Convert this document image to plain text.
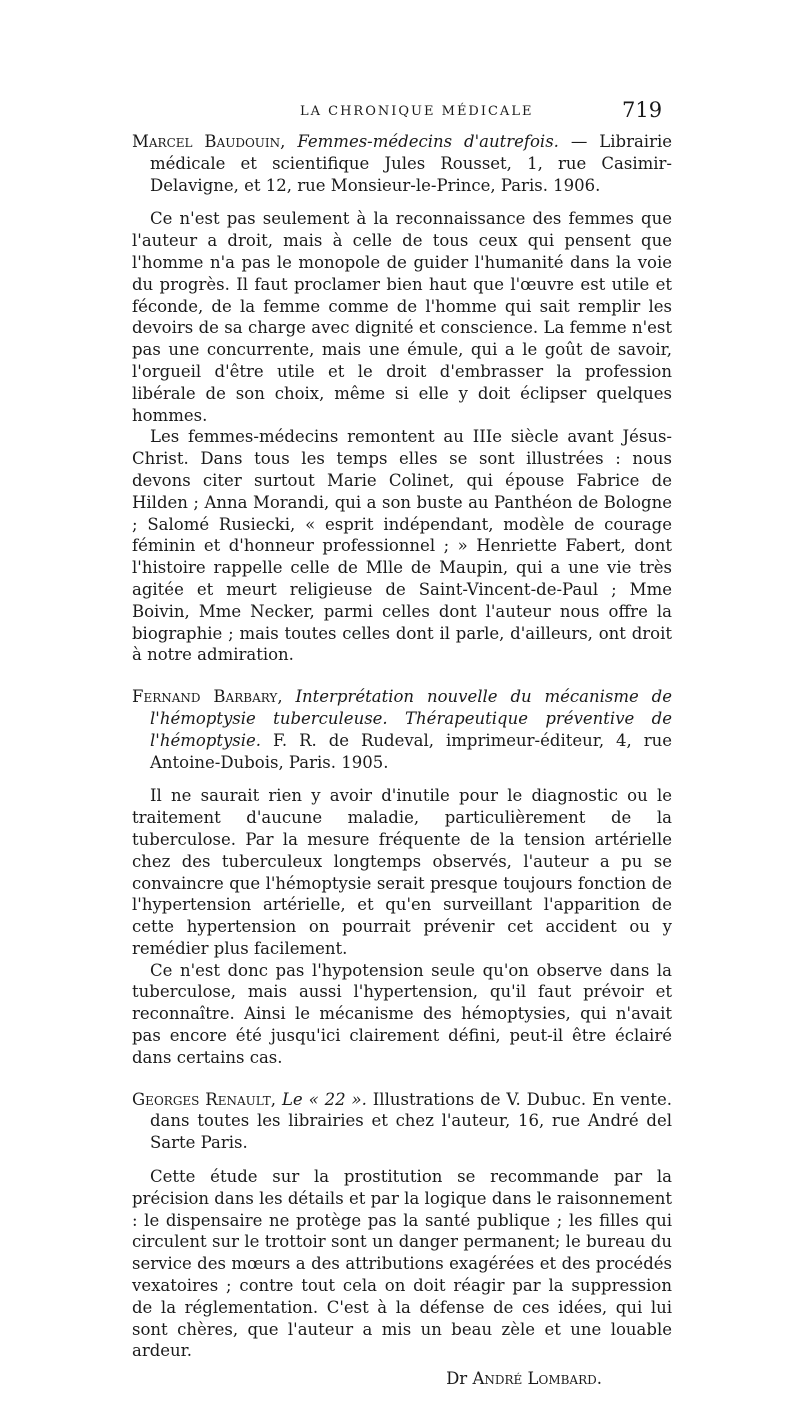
LA CHRONIQUE MÉDICALE	719

Marcel Baudouin, Femmes-médecins d'autrefois. — Librairie médicale et scientifique Jules Rousset, 1, rue Casimir-Delavigne, et 12, rue Monsieur-le-Prince, Paris. 1906.

Ce n'est pas seulement à la reconnaissance des femmes que l'auteur a droit, mais à celle de tous ceux qui pensent que l'homme n'a pas le monopole de guider l'humanité dans la voie du progrès. Il faut proclamer bien haut que l'œuvre est utile et féconde, de la femme comme de l'homme qui sait remplir les devoirs de sa charge avec dignité et conscience. La femme n'est pas une concurrente, mais une émule, qui a le goût de savoir, l'orgueil d'être utile et le droit d'embrasser la profession libérale de son choix, même si elle y doit éclipser quelques hommes.

Les femmes-médecins remontent au IIIe siècle avant Jésus-Christ. Dans tous les temps elles se sont illustrées : nous devons citer surtout Marie Colinet, qui épouse Fabrice de Hilden ; Anna Morandi, qui a son buste au Panthéon de Bologne ; Salomé Rusiecki, « esprit indépendant, modèle de courage féminin et d'honneur professionnel ; » Henriette Fabert, dont l'histoire rappelle celle de Mlle de Maupin, qui a une vie très agitée et meurt religieuse de Saint-Vincent-de-Paul ; Mme Boivin, Mme Necker, parmi celles dont l'auteur nous offre la biographie ; mais toutes celles dont il parle, d'ailleurs, ont droit à notre admiration.

Fernand Barbary, Interprétation nouvelle du mécanisme de l'hémoptysie tuberculeuse. Thérapeutique préventive de l'hémoptysie. F. R. de Rudeval, imprimeur-éditeur, 4, rue Antoine-Dubois, Paris. 1905.

Il ne saurait rien y avoir d'inutile pour le diagnostic ou le traitement d'aucune maladie, particulièrement de la tuberculose. Par la mesure fréquente de la tension artérielle chez des tuberculeux longtemps observés, l'auteur a pu se convaincre que l'hémoptysie serait presque toujours fonction de l'hypertension artérielle, et qu'en surveillant l'apparition de cette hypertension on pourrait prévenir cet accident ou y remédier plus facilement.

Ce n'est donc pas l'hypotension seule qu'on observe dans la tuberculose, mais aussi l'hypertension, qu'il faut prévoir et reconnaître. Ainsi le mécanisme des hémoptysies, qui n'avait pas encore été jusqu'ici clairement défini, peut-il être éclairé dans certains cas.

Georges Renault, Le « 22 ». Illustrations de V. Dubuc. En vente. dans toutes les librairies et chez l'auteur, 16, rue André del Sarte Paris.

Cette étude sur la prostitution se recommande par la précision dans les détails et par la logique dans le raisonnement : le dispensaire ne protège pas la santé publique ; les filles qui circulent sur le trottoir sont un danger permanent; le bureau du service des mœurs a des attributions exagérées et des procédés vexatoires ; contre tout cela on doit réagir par la suppression de la réglementation. C'est à la défense de ces idées, qui lui sont chères, que l'auteur a mis un beau zèle et une louable ardeur.

Dr André Lombard.
